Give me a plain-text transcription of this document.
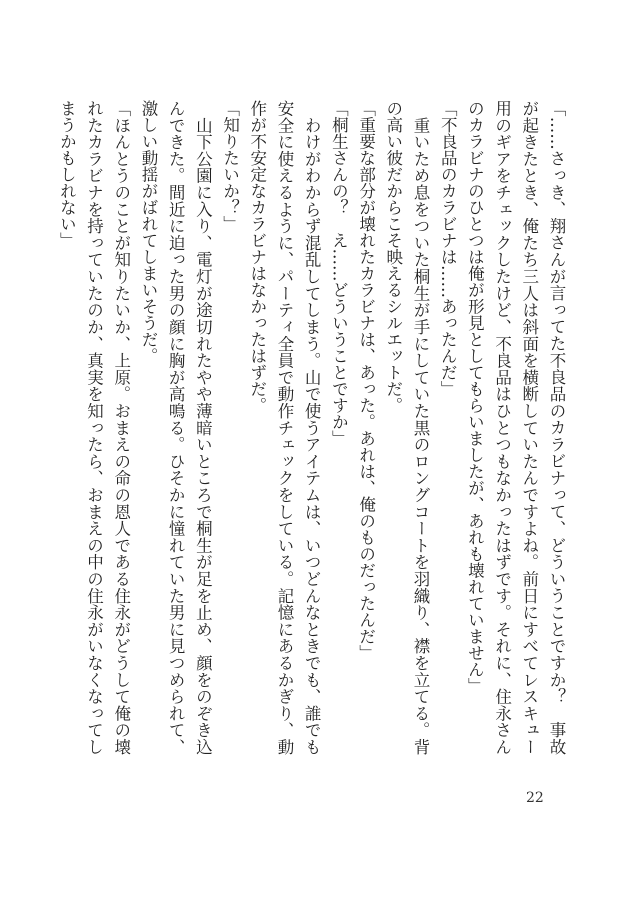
「……さっき、翔さんが言ってた不良品のカラビナって、どういうことですか？　事故が起きたとき、俺たち三人は斜面を横断していたんですよね。前日にすべてレスキュー用のギアをチェックしたけど、不良品はひとつもなかったはずです。それに、住永さんのカラビナのひとつは俺が形見としてもらいましたが、あれも壊れていません」

「不良品のカラビナは……あったんだ」

　重いため息をついた桐生が手にしていた黒のロングコートを羽織り、襟を立てる。背の高い彼だからこそ映えるシルエットだ。

「重要な部分が壊れたカラビナは、あった。あれは、俺のものだったんだ」

「桐生さんの？　え……どういうことですか」

　わけがわからず混乱してしまう。山で使うアイテムは、いつどんなときでも、誰でも安全に使えるように、パーティ全員で動作チェックをしている。記憶にあるかぎり、動作が不安定なカラビナはなかったはずだ。

「知りたいか？」

　山下公園に入り、電灯が途切れたやや薄暗いところで桐生が足を止め、顔をのぞき込んできた。間近に迫った男の顔に胸が高鳴る。ひそかに憧れていた男に見つめられて、激しい動揺がばれてしまいそうだ。

「ほんとうのことが知りたいか、上原。おまえの命の恩人である住永がどうして俺の壊れたカラビナを持っていたのか、真実を知ったら、おまえの中の住永がいなくなってしまうかもしれない」

22
